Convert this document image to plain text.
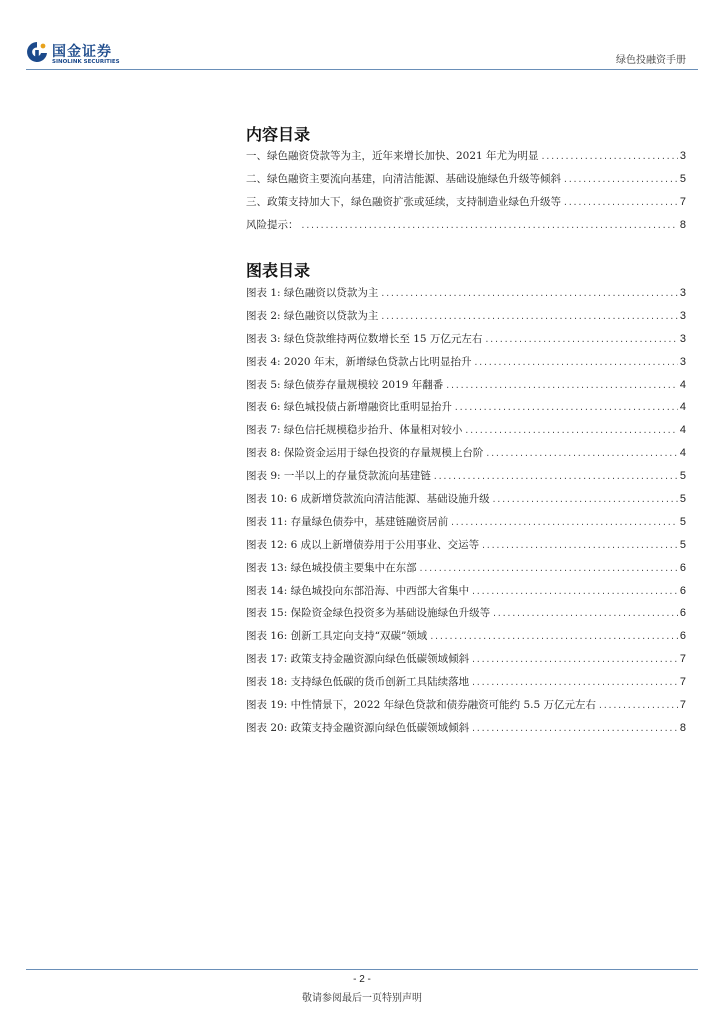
国金证券
SINOLINK SECURITIES	绿色投融资手册
内容目录
一、绿色融资贷款等为主，近年来增长加快、2021 年尤为明显 .....	3
二、绿色融资主要流向基建，向清洁能源、基础设施绿色升级等倾斜 .....	5
三、政策支持加大下，绿色融资扩张或延续，支持制造业绿色升级等 .....	7
风险提示： .....	8
图表目录
图表 1: 绿色融资以贷款为主 .....	3
图表 2: 绿色融资以贷款为主 .....	3
图表 3: 绿色贷款维持两位数增长至 15 万亿元左右 .....	3
图表 4: 2020 年末，新增绿色贷款占比明显抬升 .....	3
图表 5: 绿色债券存量规模较 2019 年翻番 .....	4
图表 6: 绿色城投债占新增融资比重明显抬升 .....	4
图表 7: 绿色信托规模稳步抬升、体量相对较小 .....	4
图表 8: 保险资金运用于绿色投资的存量规模上台阶 .....	4
图表 9: 一半以上的存量贷款流向基建链 .....	5
图表 10: 6 成新增贷款流向清洁能源、基础设施升级 .....	5
图表 11: 存量绿色债券中，基建链融资居前 .....	5
图表 12: 6 成以上新增债券用于公用事业、交运等 .....	5
图表 13: 绿色城投债主要集中在东部 .....	6
图表 14: 绿色城投向东部沿海、中西部大省集中 .....	6
图表 15: 保险资金绿色投资多为基础设施绿色升级等 .....	6
图表 16: 创新工具定向支持“双碳”领域 .....	6
图表 17: 政策支持金融资源向绿色低碳领域倾斜 .....	7
图表 18: 支持绿色低碳的货币创新工具陆续落地 .....	7
图表 19: 中性情景下，2022 年绿色贷款和债券融资可能约 5.5 万亿元左右 .....	7
图表 20: 政策支持金融资源向绿色低碳领域倾斜 .....	8
- 2 -
敬请参阅最后一页特别声明
